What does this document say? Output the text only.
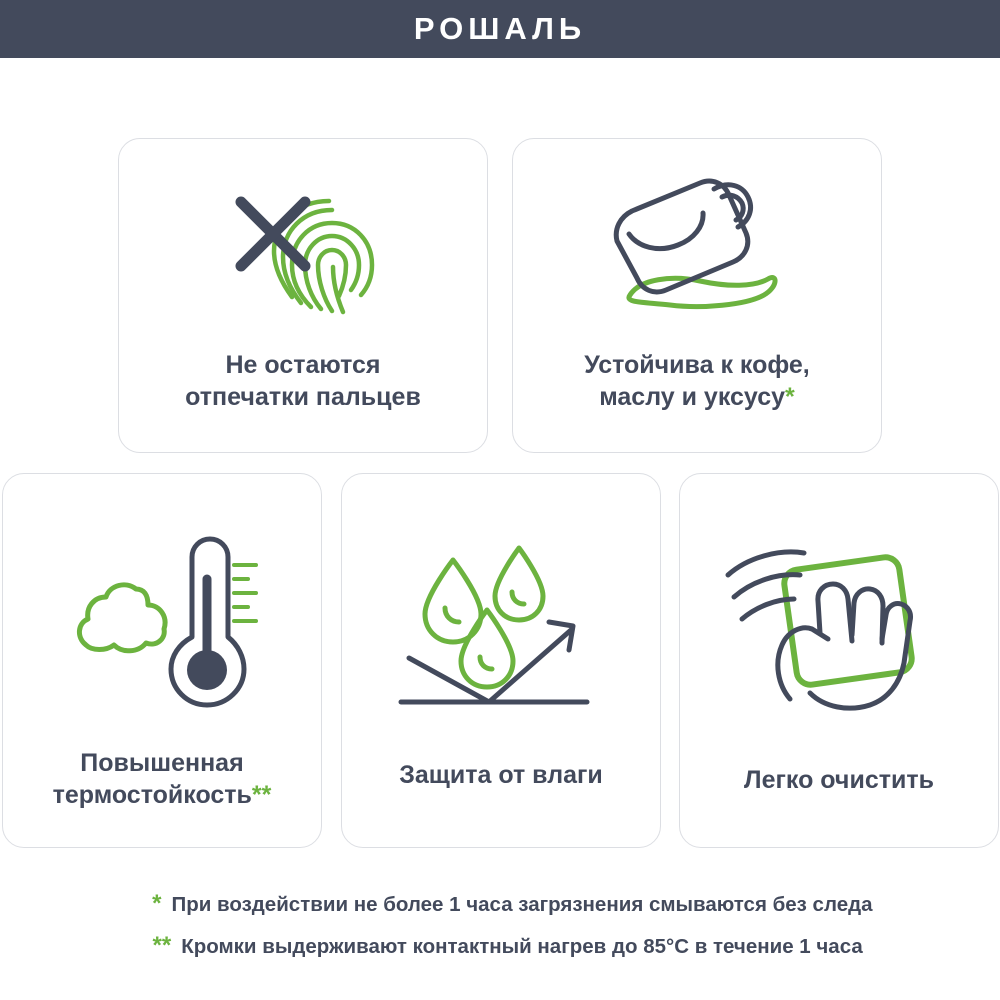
РОШАЛЬ
Не остаются
отпечатки пальцев
Устойчива к кофе,
маслу и уксусу*
Повышенная
термостойкость**
Защита от влаги	Легко очистить
* При воздействии не более 1 часа загрязнения смываются без следа
** Кромки выдерживают контактный нагрев до 85°С в течение 1 часа
